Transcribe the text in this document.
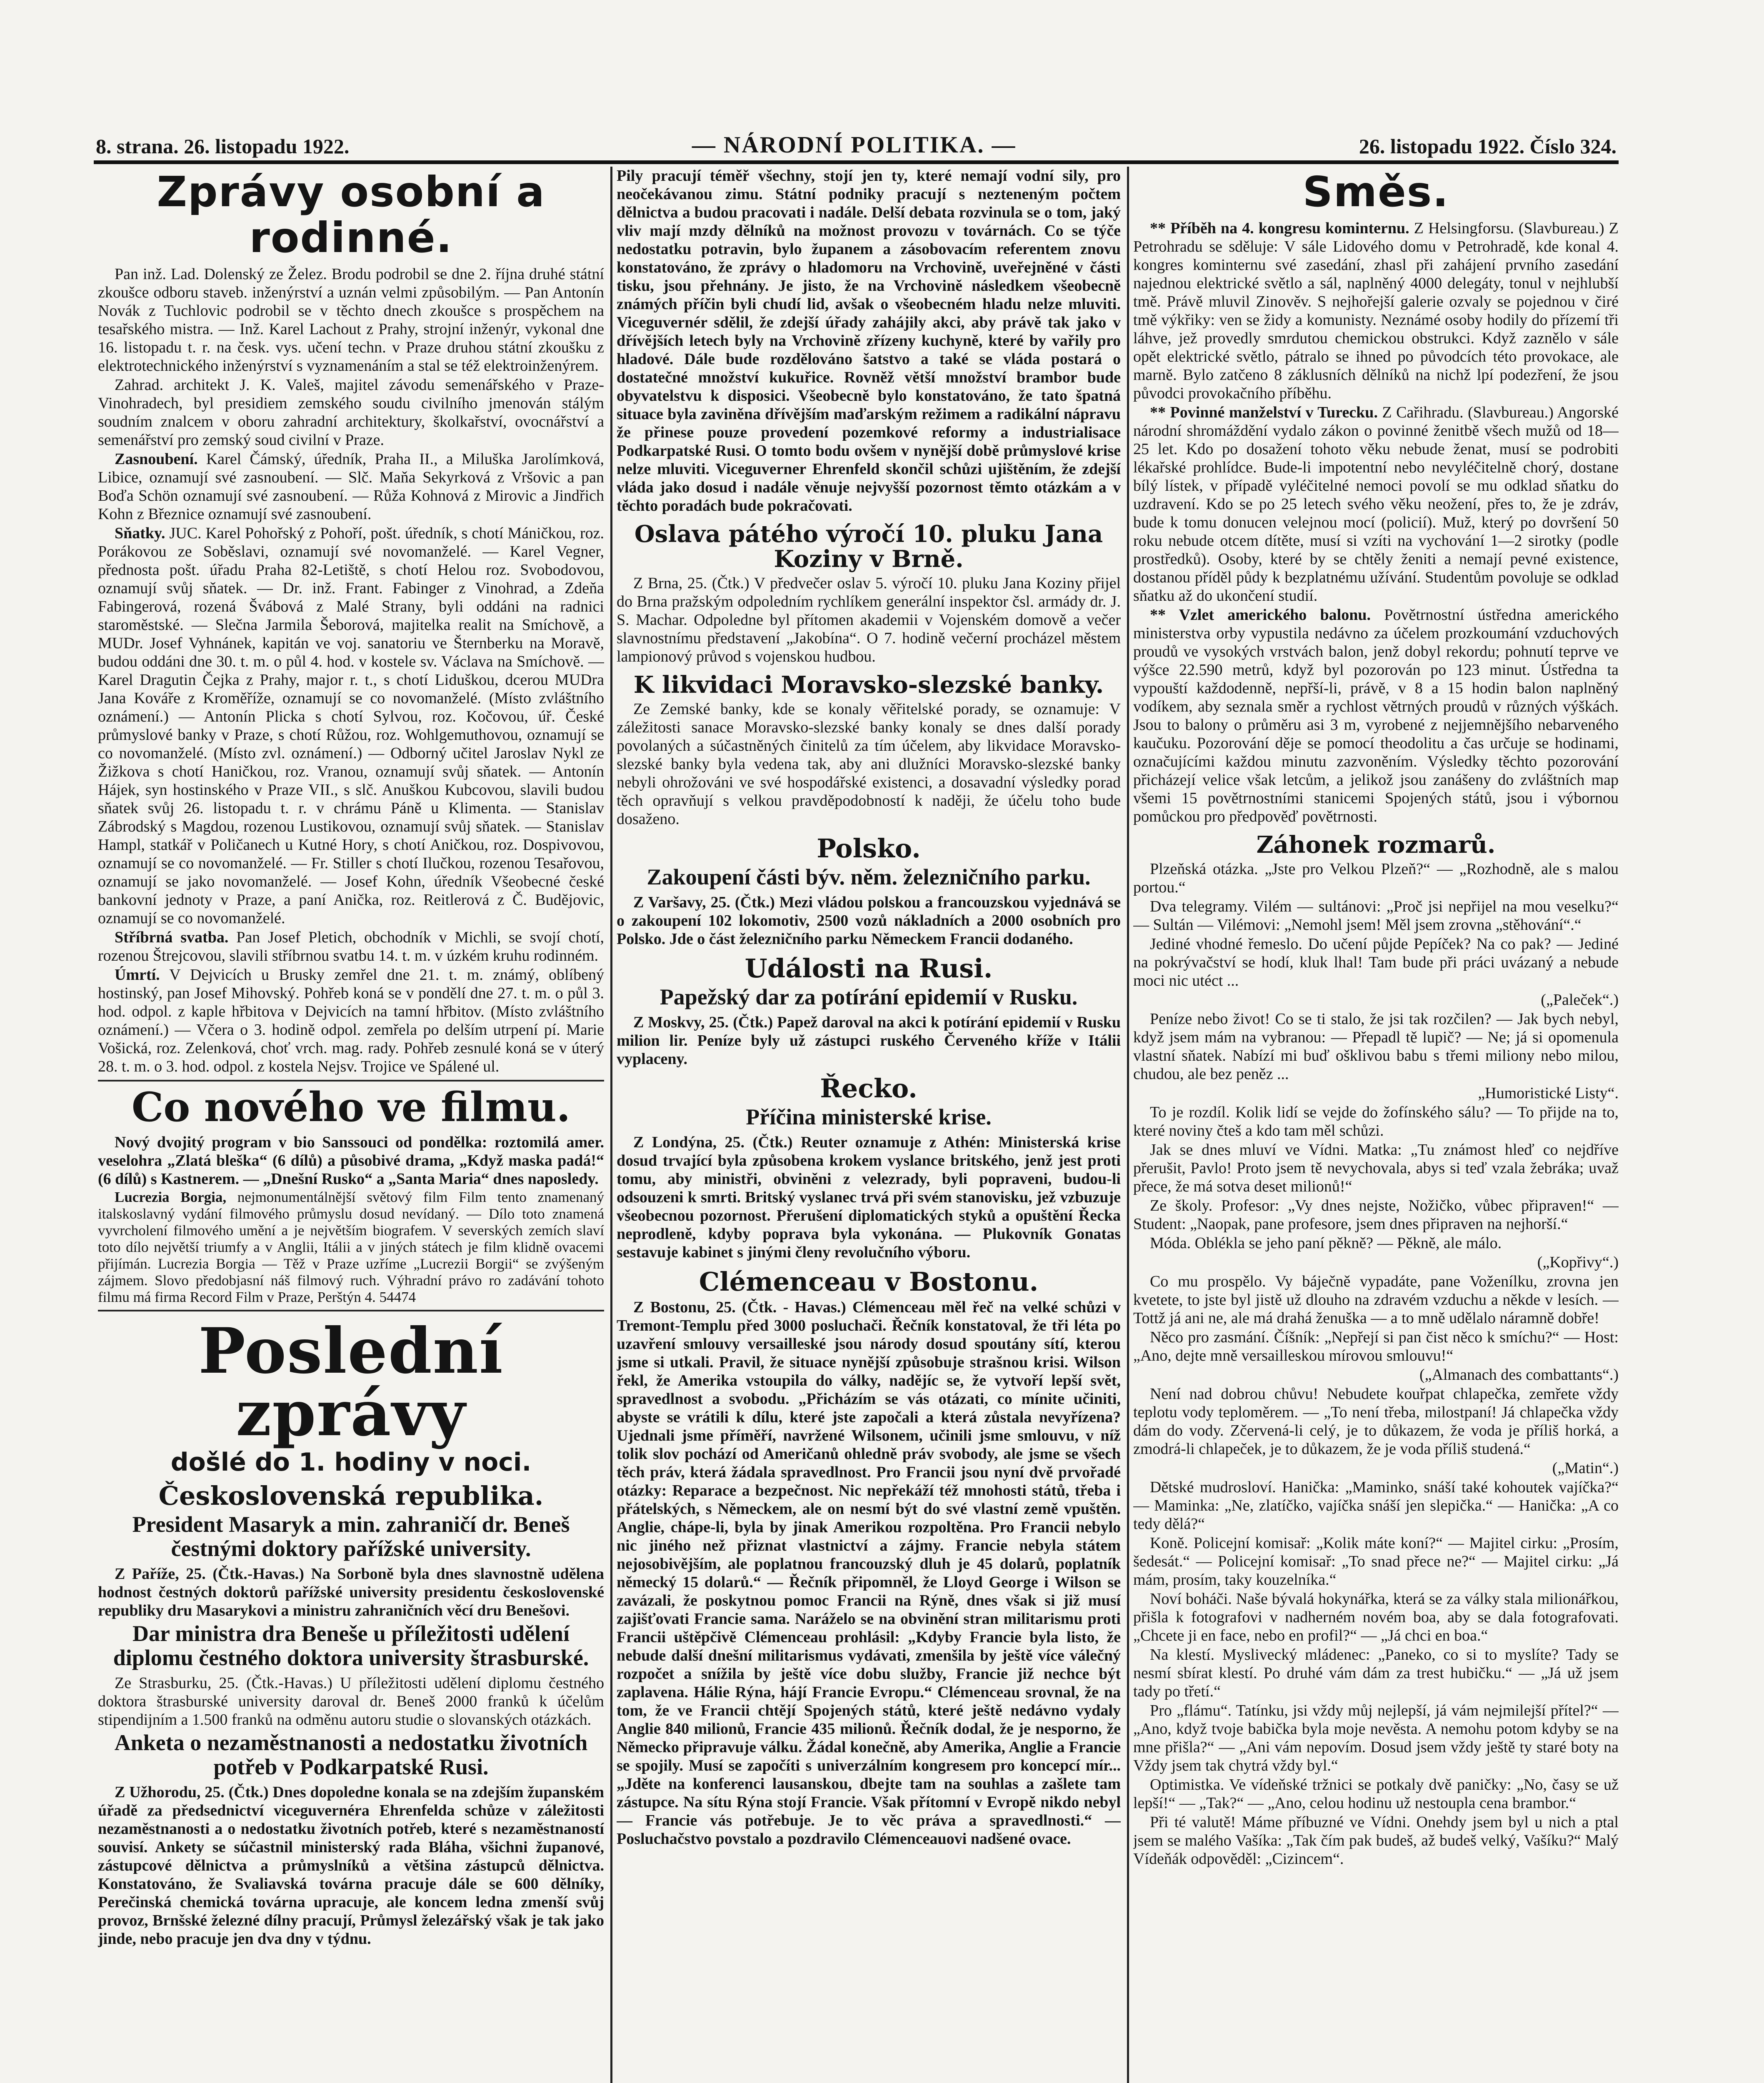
8. strana. 26. listopadu 1922.	— NÁRODNÍ POLITIKA. —	26. listopadu 1922. Číslo 324.
Zprávy osobní a rodinné.

Pan inž. Lad. Dolenský ze Želez. Brodu podrobil se dne 2. října druhé státní zkoušce odboru staveb. inženýrství a uznán velmi způsobilým. — Pan Antonín Novák z Tuchlovic podrobil se v těchto dnech zkoušce s prospěchem na tesařského mistra. — Inž. Karel Lachout z Prahy, strojní inženýr, vykonal dne 16. listopadu t. r. na česk. vys. učení techn. v Praze druhou státní zkoušku z elektrotechnického inženýrství s vyznamenáním a stal se též elektroinženýrem.

Zahrad. architekt J. K. Valeš, majitel závodu semenářského v Praze-Vinohradech, byl presidiem zemského soudu civilního jmenován stálým soudním znalcem v oboru zahradní architektury, školkařství, ovocnářství a semenářství pro zemský soud civilní v Praze.

Zasnoubení. Karel Čámský, úředník, Praha II., a Miluška Jarolímková, Libice, oznamují své zasnoubení. — Slč. Maňa Sekyrková z Vršovic a pan Boďa Schön oznamují své zasnoubení. — Růža Kohnová z Mirovic a Jindřich Kohn z Březnice oznamují své zasnoubení.

Sňatky. JUC. Karel Pohořský z Pohoří, pošt. úředník, s chotí Máničkou, roz. Porákovou ze Soběslavi, oznamují své novomanželé. — Karel Vegner, přednosta pošt. úřadu Praha 82-Letiště, s chotí Helou roz. Svobodovou, oznamují svůj sňatek. — Dr. inž. Frant. Fabinger z Vinohrad, a Zdeňa Fabingerová, rozená Švábová z Malé Strany, byli oddáni na radnici staroměstské. — Slečna Jarmila Šeborová, majitelka realit na Smíchově, a MUDr. Josef Vyhnánek, kapitán ve voj. sanatoriu ve Šternberku na Moravě, budou oddáni dne 30. t. m. o půl 4. hod. v kostele sv. Václava na Smíchově. — Karel Dragutin Čejka z Prahy, major r. t., s chotí Liduškou, dcerou MUDra Jana Kováře z Kroměříže, oznamují se co novomanželé. (Místo zvláštního oznámení.) — Antonín Plicka s chotí Sylvou, roz. Kočovou, úř. České průmyslové banky v Praze, s chotí Růžou, roz. Wohlgemuthovou, oznamují se co novomanželé. (Místo zvl. oznámení.) — Odborný učitel Jaroslav Nykl ze Žižkova s chotí Haničkou, roz. Vranou, oznamují svůj sňatek. — Antonín Hájek, syn hostinského v Praze VII., s slč. Anuškou Kubcovou, slavili budou sňatek svůj 26. listopadu t. r. v chrámu Páně u Klimenta. — Stanislav Zábrodský s Magdou, rozenou Lustikovou, oznamují svůj sňatek. — Stanislav Hampl, statkář v Poličanech u Kutné Hory, s chotí Aničkou, roz. Dospivovou, oznamují se co novomanželé. — Fr. Stiller s chotí Ilučkou, rozenou Tesařovou, oznamují se jako novomanželé. — Josef Kohn, úředník Všeobecné české bankovní jednoty v Praze, a paní Anička, roz. Reitlerová z Č. Budějovic, oznamují se co novomanželé.

Stříbrná svatba. Pan Josef Pletich, obchodník v Michli, se svojí chotí, rozenou Štrejcovou, slavili stříbrnou svatbu 14. t. m. v úzkém kruhu rodinném.

Úmrtí. V Dejvicích u Brusky zemřel dne 21. t. m. známý, oblíbený hostinský, pan Josef Mihovský. Pohřeb koná se v pondělí dne 27. t. m. o půl 3. hod. odpol. z kaple hřbitova v Dejvicích na tamní hřbitov. (Místo zvláštního oznámení.) — Včera o 3. hodině odpol. zemřela po delším utrpení pí. Marie Vošická, roz. Zelenková, choť vrch. mag. rady. Pohřeb zesnulé koná se v úterý 28. t. m. o 3. hod. odpol. z kostela Nejsv. Trojice ve Spálené ul.

Co nového ve filmu.

Nový dvojitý program v bio Sanssouci od pondělka: roztomilá amer. veselohra „Zlatá bleška“ (6 dílů) a působivé drama, „Když maska padá!“ (6 dílů) s Kastnerem. — „Dnešní Rusko“ a „Santa Maria“ dnes naposledy.

Lucrezia Borgia, nejmonumentálnější světový film Film tento znamenaný italskoslavný vydání filmového průmyslu dosud nevídaný. — Dílo toto znamená vyvrcholení filmového umění a je největším biografem. V severských zemích slaví toto dílo největší triumfy a v Anglii, Itálii a v jiných státech je film klidně ovacemi přijímán. Lucrezia Borgia — Těž v Praze uzříme „Lucrezii Borgii“ se zvýšeným zájmem. Slovo předobjasní náš filmový ruch. Výhradní právo ro zadávání tohoto filmu má firma Record Film v Praze, Perštýn 4. 54474

Poslední zprávy
došlé do 1. hodiny v noci.
Československá republika.
President Masaryk a min. zahraničí dr. Beneš čestnými doktory pařížské university.

Z Paříže, 25. (Čtk.-Havas.) Na Sorboně byla dnes slavnostně udělena hodnost čestných doktorů pařížské university presidentu československé republiky dru Masarykovi a ministru zahraničních věcí dru Benešovi.

Dar ministra dra Beneše u příležitosti udělení diplomu čestného doktora university štrasburské.

Ze Strasburku, 25. (Čtk.-Havas.) U příležitosti udělení diplomu čestného doktora štrasburské university daroval dr. Beneš 2000 franků k účelům stipendijním a 1.500 franků na odměnu autoru studie o slovanských otázkách.

Anketa o nezaměstnanosti a nedostatku životních potřeb v Podkarpatské Rusi.

Z Užhorodu, 25. (Čtk.) Dnes dopoledne konala se na zdejším županském úřadě za předsednictví viceguvernéra Ehrenfelda schůze v záležitosti nezaměstnanosti a o nedostatku životních potřeb, které s nezaměstnaností souvisí. Ankety se súčastnil ministerský rada Bláha, všichni županové, zástupcové dělnictva a průmyslníků a většina zástupců dělnictva. Konstatováno, že Svaliavská továrna pracuje dále se 600 dělníky, Perečinská chemická továrna upracuje, ale koncem ledna zmenší svůj provoz, Brnšské železné dílny pracují, Průmysl železářský však je tak jako jinde, nebo pracuje jen dva dny v týdnu.

Pily pracují téměř všechny, stojí jen ty, které nemají vodní sily, pro neočekávanou zimu. Státní podniky pracují s nezteneným počtem dělnictva a budou pracovati i nadále. Delší debata rozvinula se o tom, jaký vliv mají mzdy dělníků na možnost provozu v továrnách. Co se týče nedostatku potravin, bylo županem a zásobovacím referentem znovu konstatováno, že zprávy o hladomoru na Vrchovině, uveřejněné v části tisku, jsou přehnány. Je jisto, že na Vrchovině následkem všeobecně známých příčin byli chudí lid, avšak o všeobecném hladu nelze mluviti. Viceguvernér sdělil, že zdejší úřady zahájily akci, aby právě tak jako v dřívějších letech byly na Vrchovině zřízeny kuchyně, které by vařily pro hladové. Dále bude rozdělováno šatstvo a také se vláda postará o dostatečné množství kukuřice. Rovněž větší množství brambor bude obyvatelstvu k disposici. Všeobecně bylo konstatováno, že tato špatná situace byla zaviněna dřívějším maďarským režimem a radikální nápravu že přinese pouze provedení pozemkové reformy a industrialisace Podkarpatské Rusi. O tomto bodu ovšem v nynější době průmyslové krise nelze mluviti. Viceguverner Ehrenfeld skončil schůzi ujištěním, že zdejší vláda jako dosud i nadále věnuje nejvyšší pozornost těmto otázkám a v těchto poradách bude pokračovati.

Oslava pátého výročí 10. pluku Jana Koziny v Brně.

Z Brna, 25. (Čtk.) V předvečer oslav 5. výročí 10. pluku Jana Koziny přijel do Brna pražským odpoledním rychlíkem generální inspektor čsl. armády dr. J. S. Machar. Odpoledne byl přítomen akademii v Vojenském domově a večer slavnostnímu představení „Jakobína“. O 7. hodině večerní procházel městem lampionový průvod s vojenskou hudbou.

K likvidaci Moravsko-slezské banky.

Ze Zemské banky, kde se konaly věřitelské porady, se oznamuje: V záležitosti sanace Moravsko-slezské banky konaly se dnes další porady povolaných a súčastněných činitelů za tím účelem, aby likvidace Moravsko-slezské banky byla vedena tak, aby ani dlužníci Moravsko-slezské banky nebyli ohrožováni ve své hospodářské existenci, a dosavadní výsledky porad těch opravňují s velkou pravděpodobností k naději, že účelu toho bude dosaženo.

Polsko.
Zakoupení části býv. něm. železničního parku.

Z Varšavy, 25. (Čtk.) Mezi vládou polskou a francouzskou vyjednává se o zakoupení 102 lokomotiv, 2500 vozů nákladních a 2000 osobních pro Polsko. Jde o část železničního parku Německem Francii dodaného.

Události na Rusi.
Papežský dar za potírání epidemií v Rusku.

Z Moskvy, 25. (Čtk.) Papež daroval na akci k potírání epidemií v Rusku milion lir. Peníze byly už zástupci ruského Červeného kříže v Itálii vyplaceny.

Řecko.
Příčina ministerské krise.

Z Londýna, 25. (Čtk.) Reuter oznamuje z Athén: Ministerská krise dosud trvající byla způsobena krokem vyslance britského, jenž jest proti tomu, aby ministři, obviněni z velezrady, byli popraveni, budou-li odsouzeni k smrti. Britský vyslanec trvá při svém stanovisku, jež vzbuzuje všeobecnou pozornost. Přerušení diplomatických styků a opuštění Řecka neprodleně, kdyby poprava byla vykonána. — Plukovník Gonatas sestavuje kabinet s jinými členy revolučního výboru.

Clémenceau v Bostonu.

Z Bostonu, 25. (Čtk. - Havas.) Clémenceau měl řeč na velké schůzi v Tremont-Templu před 3000 posluchači. Řečník konstatoval, že tři léta po uzavření smlouvy versailleské jsou národy dosud spoutány sítí, kterou jsme si utkali. Pravil, že situace nynější způsobuje strašnou krisi. Wilson řekl, že Amerika vstoupila do války, nadějíc se, že vytvoří lepší svět, spravedlnost a svobodu. „Přicházím se vás otázati, co mínite učiniti, abyste se vrátili k dílu, které jste započali a která zůstala nevyřízena? Ujednali jsme příměří, navržené Wilsonem, učinili jsme smlouvu, v níž tolik slov pochází od Američanů ohledně práv svobody, ale jsme se všech těch práv, která žádala spravedlnost. Pro Francii jsou nyní dvě prvořadé otázky: Reparace a bezpečnost. Nic nepřekáží též mnohosti států, třeba i přátelských, s Německem, ale on nesmí být do své vlastní země vpuštěn. Anglie, chápe-li, byla by jinak Amerikou rozpoltěna. Pro Francii nebylo nic jiného než přiznat vlastnictví a zájmy. Francie nebyla státem nejosobivějším, ale poplatnou francouzský dluh je 45 dolarů, poplatník německý 15 dolarů.“ — Řečník připomněl, že Lloyd George i Wilson se zavázali, že poskytnou pomoc Francii na Rýně, dnes však si již musí zajišťovati Francie sama. Naráželo se na obvinění stran militarismu proti Francii uštěpčivě Clémenceau prohlásil: „Kdyby Francie byla listo, že nebude další dnešní militarismus vydávati, zmenšila by ještě více válečný rozpočet a snížila by ještě více dobu služby, Francie již nechce být zaplavena. Hálie Rýna, hájí Francie Evropu.“ Clémenceau srovnal, že na tom, že ve Francii chtějí Spojených států, které ještě nedávno vydaly Anglie 840 milionů, Francie 435 milionů. Řečník dodal, že je nesporno, že Německo připravuje válku. Žádal konečně, aby Amerika, Anglie a Francie se spojily. Musí se započíti s univerzálním kongresem pro koncepcí mír... „Jděte na konferenci lausanskou, dbejte tam na souhlas a zašlete tam zástupce. Na sítu Rýna stojí Francie. Však přítomní v Evropě nikdo nebyl — Francie vás potřebuje. Je to věc práva a spravedlnosti.“ — Posluchačstvo povstalo a pozdravilo Clémenceauovi nadšené ovace.

Směs.

** Příběh na 4. kongresu kominternu. Z Helsingforsu. (Slavbureau.) Z Petrohradu se sděluje: V sále Lidového domu v Petrohradě, kde konal 4. kongres kominternu své zasedání, zhasl při zahájení prvního zasedání najednou elektrické světlo a sál, naplněný 4000 delegáty, tonul v nejhlubší tmě. Právě mluvil Zinověv. S nejhořejší galerie ozvaly se pojednou v čiré tmě výkřiky: ven se židy a komunisty. Neznámé osoby hodily do přízemí tři láhve, jež provedly smrdutou chemickou obstrukci. Když zaznělo v sále opět elektrické světlo, pátralo se ihned po původcích této provokace, ale marně. Bylo zatčeno 8 záklusních dělníků na nichž lpí podezření, že jsou původci provokačního příběhu.

** Povinné manželství v Turecku. Z Cařihradu. (Slavbureau.) Angorské národní shromáždění vydalo zákon o povinné ženitbě všech mužů od 18—25 let. Kdo po dosažení tohoto věku nebude ženat, musí se podrobiti lékařské prohlídce. Bude-li impotentní nebo nevyléčitelně chorý, dostane bílý lístek, v případě vyléčitelné nemoci povolí se mu odklad sňatku do uzdravení. Kdo se po 25 letech svého věku neožení, přes to, že je zdráv, bude k tomu donucen velejnou mocí (policií). Muž, který po dovršení 50 roku nebude otcem dítěte, musí si vzíti na vychování 1—2 sirotky (podle prostředků). Osoby, které by se chtěly ženiti a nemají pevné existence, dostanou příděl půdy k bezplatnému užívání. Studentům povoluje se odklad sňatku až do ukončení studií.

** Vzlet amerického balonu. Povětrnostní ústředna amerického ministerstva orby vypustila nedávno za účelem prozkoumání vzduchových proudů ve vysokých vrstvách balon, jenž dobyl rekordu; pohnutí teprve ve výšce 22.590 metrů, když byl pozorován po 123 minut. Ústředna ta vypouští každodenně, nepřší-li, právě, v 8 a 15 hodin balon naplněný vodíkem, aby seznala směr a rychlost větrných proudů v různých výškách. Jsou to balony o průměru asi 3 m, vyrobené z nejjemnějšího nebarveného kaučuku. Pozorování děje se pomocí theodolitu a čas určuje se hodinami, označujícími každou minutu zazvoněním. Výsledky těchto pozorování přicházejí velice však letcům, a jelikož jsou zanášeny do zvláštních map všemi 15 povětrnostními stanicemi Spojených států, jsou i výbornou pomůckou pro předpověď povětrnosti.

Záhonek rozmarů.

Plzeňská otázka. „Jste pro Velkou Plzeň?“ — „Rozhodně, ale s malou portou.“

Dva telegramy. Vilém — sultánovi: „Proč jsi nepřijel na mou veselku?“ — Sultán — Vilémovi: „Nemohl jsem! Měl jsem zrovna „stěhování“.“

Jediné vhodné řemeslo. Do učení půjde Pepíček? Na co pak? — Jediné na pokrývačství se hodí, kluk lhal! Tam bude při práci uvázaný a nebude moci nic utéct ...

(„Paleček“.)

Peníze nebo život! Co se ti stalo, že jsi tak rozčilen? — Jak bych nebyl, když jsem mám na vybranou: — Přepadl tě lupič? — Ne; já si opomenula vlastní sňatek. Nabízí mi buď ošklivou babu s třemi miliony nebo milou, chudou, ale bez peněz ...

„Humoristické Listy“.

To je rozdíl. Kolik lidí se vejde do žofínského sálu? — To přijde na to, které noviny čteš a kdo tam měl schůzi.

Jak se dnes mluví ve Vídni. Matka: „Tu známost hleď co nejdříve přerušit, Pavlo! Proto jsem tě nevychovala, abys si teď vzala žebráka; uvaž přece, že má sotva deset milionů!“

Ze školy. Profesor: „Vy dnes nejste, Nožičko, vůbec připraven!“ — Student: „Naopak, pane profesore, jsem dnes připraven na nejhorší.“

Móda. Oblékla se jeho paní pěkně? — Pěkně, ale málo.

(„Kopřivy“.)

Co mu prospělo. Vy báječně vypadáte, pane Voženílku, zrovna jen kvetete, to jste byl jistě už dlouho na zdravém vzduchu a někde v lesích. — Tottž já ani ne, ale má drahá ženuška — a to mně udělalo náramně dobře!

Něco pro zasmání. Číšník: „Nepřejí si pan čist něco k smíchu?“ — Host: „Ano, dejte mně versailleskou mírovou smlouvu!“

(„Almanach des combattants“.)

Není nad dobrou chůvu! Nebudete kouřpat chlapečka, zemřete vždy teplotu vody teploměrem. — „To není třeba, milostpaní! Já chlapečka vždy dám do vody. Zčervená-li celý, je to důkazem, že voda je příliš horká, a zmodrá-li chlapeček, je to důkazem, že je voda příliš studená.“

(„Matin“.)

Dětské mudrosloví. Hanička: „Maminko, snáší také kohoutek vajíčka?“ — Maminka: „Ne, zlatíčko, vajíčka snáší jen slepička.“ — Hanička: „A co tedy dělá?“

Koně. Policejní komisař: „Kolik máte koní?“ — Majitel cirku: „Prosím, šedesát.“ — Policejní komisař: „To snad přece ne?“ — Majitel cirku: „Já mám, prosím, taky kouzelníka.“

Noví boháči. Naše bývalá hokynářka, která se za války stala milionářkou, přišla k fotografovi v nadherném novém boa, aby se dala fotografovati. „Chcete ji en face, nebo en profil?“ — „Já chci en boa.“

Na klestí. Myslivecký mládenec: „Paneko, co si to myslíte? Tady se nesmí sbírat klestí. Po druhé vám dám za trest hubičku.“ — „Já už jsem tady po třetí.“

Pro „flámu“. Tatínku, jsi vždy můj nejlepší, já vám nejmilejší přítel?“ — „Ano, když tvoje babička byla moje nevěsta. A nemohu potom kdyby se na mne přišla?“ — „Ani vám nepovím. Dosud jsem vždy ještě ty staré boty na Vždy jsem tak chytrá vždy byl.“

Optimistka. Ve vídeňské tržnici se potkaly dvě paničky: „No, časy se už lepší!“ — „Tak?“ — „Ano, celou hodinu už nestoupla cena brambor.“

Při té valutě! Máme příbuzné ve Vídni. Onehdy jsem byl u nich a ptal jsem se malého Vašíka: „Tak čím pak budeš, až budeš velký, Vašíku?“ Malý Vídeňák odpověděl: „Cizincem“.
